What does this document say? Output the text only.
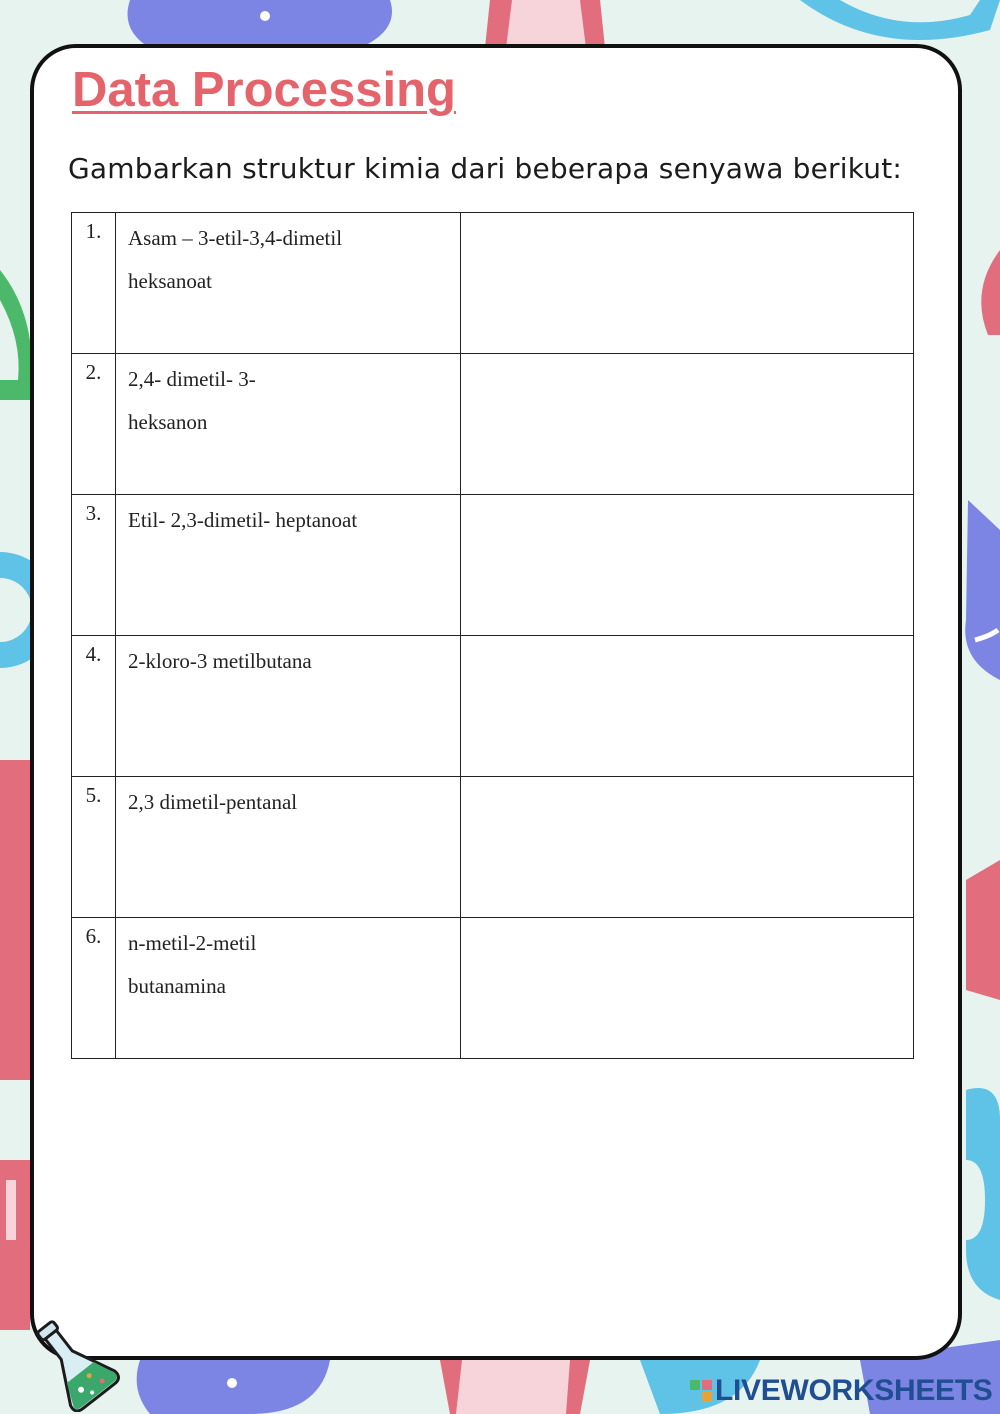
Data Processing

Gambarkan struktur kimia dari beberapa senyawa berikut:

1.	Asam – 3-etil-3,4-dimetil
heksanoat	

2.	2,4- dimetil- 3-
heksanon	

3.	Etil- 2,3-dimetil- heptanoat	

4.	2-kloro-3 metilbutana	

5.	2,3 dimetil-pentanal	

6.	n-metil-2-metil
butanamina	

LIVEWORKSHEETS
